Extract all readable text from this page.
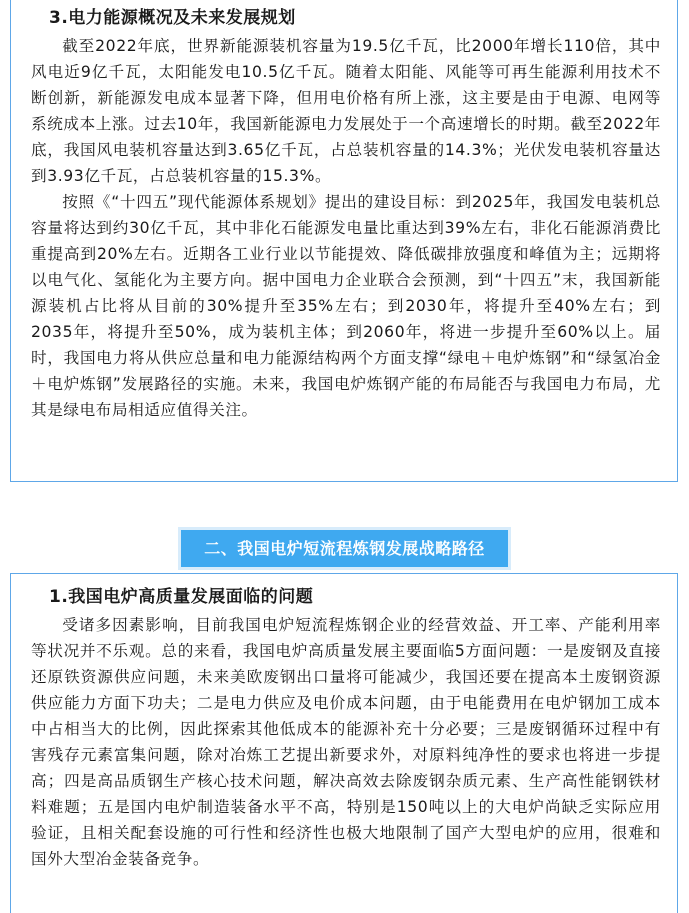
3.电力能源概况及未来发展规划

截至2022年底，世界新能源装机容量为19.5亿千瓦，比2000年增长110倍，其中风电近9亿千瓦，太阳能发电10.5亿千瓦。随着太阳能、风能等可再生能源利用技术不断创新，新能源发电成本显著下降，但用电价格有所上涨，这主要是由于电源、电网等系统成本上涨。过去10年，我国新能源电力发展处于一个高速增长的时期。截至2022年底，我国风电装机容量达到3.65亿千瓦，占总装机容量的14.3%；光伏发电装机容量达到3.93亿千瓦，占总装机容量的15.3%。

按照《“十四五”现代能源体系规划》提出的建设目标：到2025年，我国发电装机总容量将达到约30亿千瓦，其中非化石能源发电量比重达到39%左右，非化石能源消费比重提高到20%左右。近期各工业行业以节能提效、降低碳排放强度和峰值为主；远期将以电气化、氢能化为主要方向。据中国电力企业联合会预测，到“十四五”末，我国新能源装机占比将从目前的30%提升至35%左右；到2030年，将提升至40%左右；到2035年，将提升至50%，成为装机主体；到2060年，将进一步提升至60%以上。届时，我国电力将从供应总量和电力能源结构两个方面支撑“绿电＋电炉炼钢”和“绿氢冶金＋电炉炼钢”发展路径的实施。未来，我国电炉炼钢产能的布局能否与我国电力布局，尤其是绿电布局相适应值得关注。

二、我国电炉短流程炼钢发展战略路径
1.我国电炉高质量发展面临的问题

受诸多因素影响，目前我国电炉短流程炼钢企业的经营效益、开工率、产能利用率等状况并不乐观。总的来看，我国电炉高质量发展主要面临5方面问题：一是废钢及直接还原铁资源供应问题，未来美欧废钢出口量将可能减少，我国还要在提高本土废钢资源供应能力方面下功夫；二是电力供应及电价成本问题，由于电能费用在电炉钢加工成本中占相当大的比例，因此探索其他低成本的能源补充十分必要；三是废钢循环过程中有害残存元素富集问题，除对冶炼工艺提出新要求外，对原料纯净性的要求也将进一步提高；四是高品质钢生产核心技术问题，解决高效去除废钢杂质元素、生产高性能钢铁材料难题；五是国内电炉制造装备水平不高，特别是150吨以上的大电炉尚缺乏实际应用验证，且相关配套设施的可行性和经济性也极大地限制了国产大型电炉的应用，很难和国外大型冶金装备竞争。
